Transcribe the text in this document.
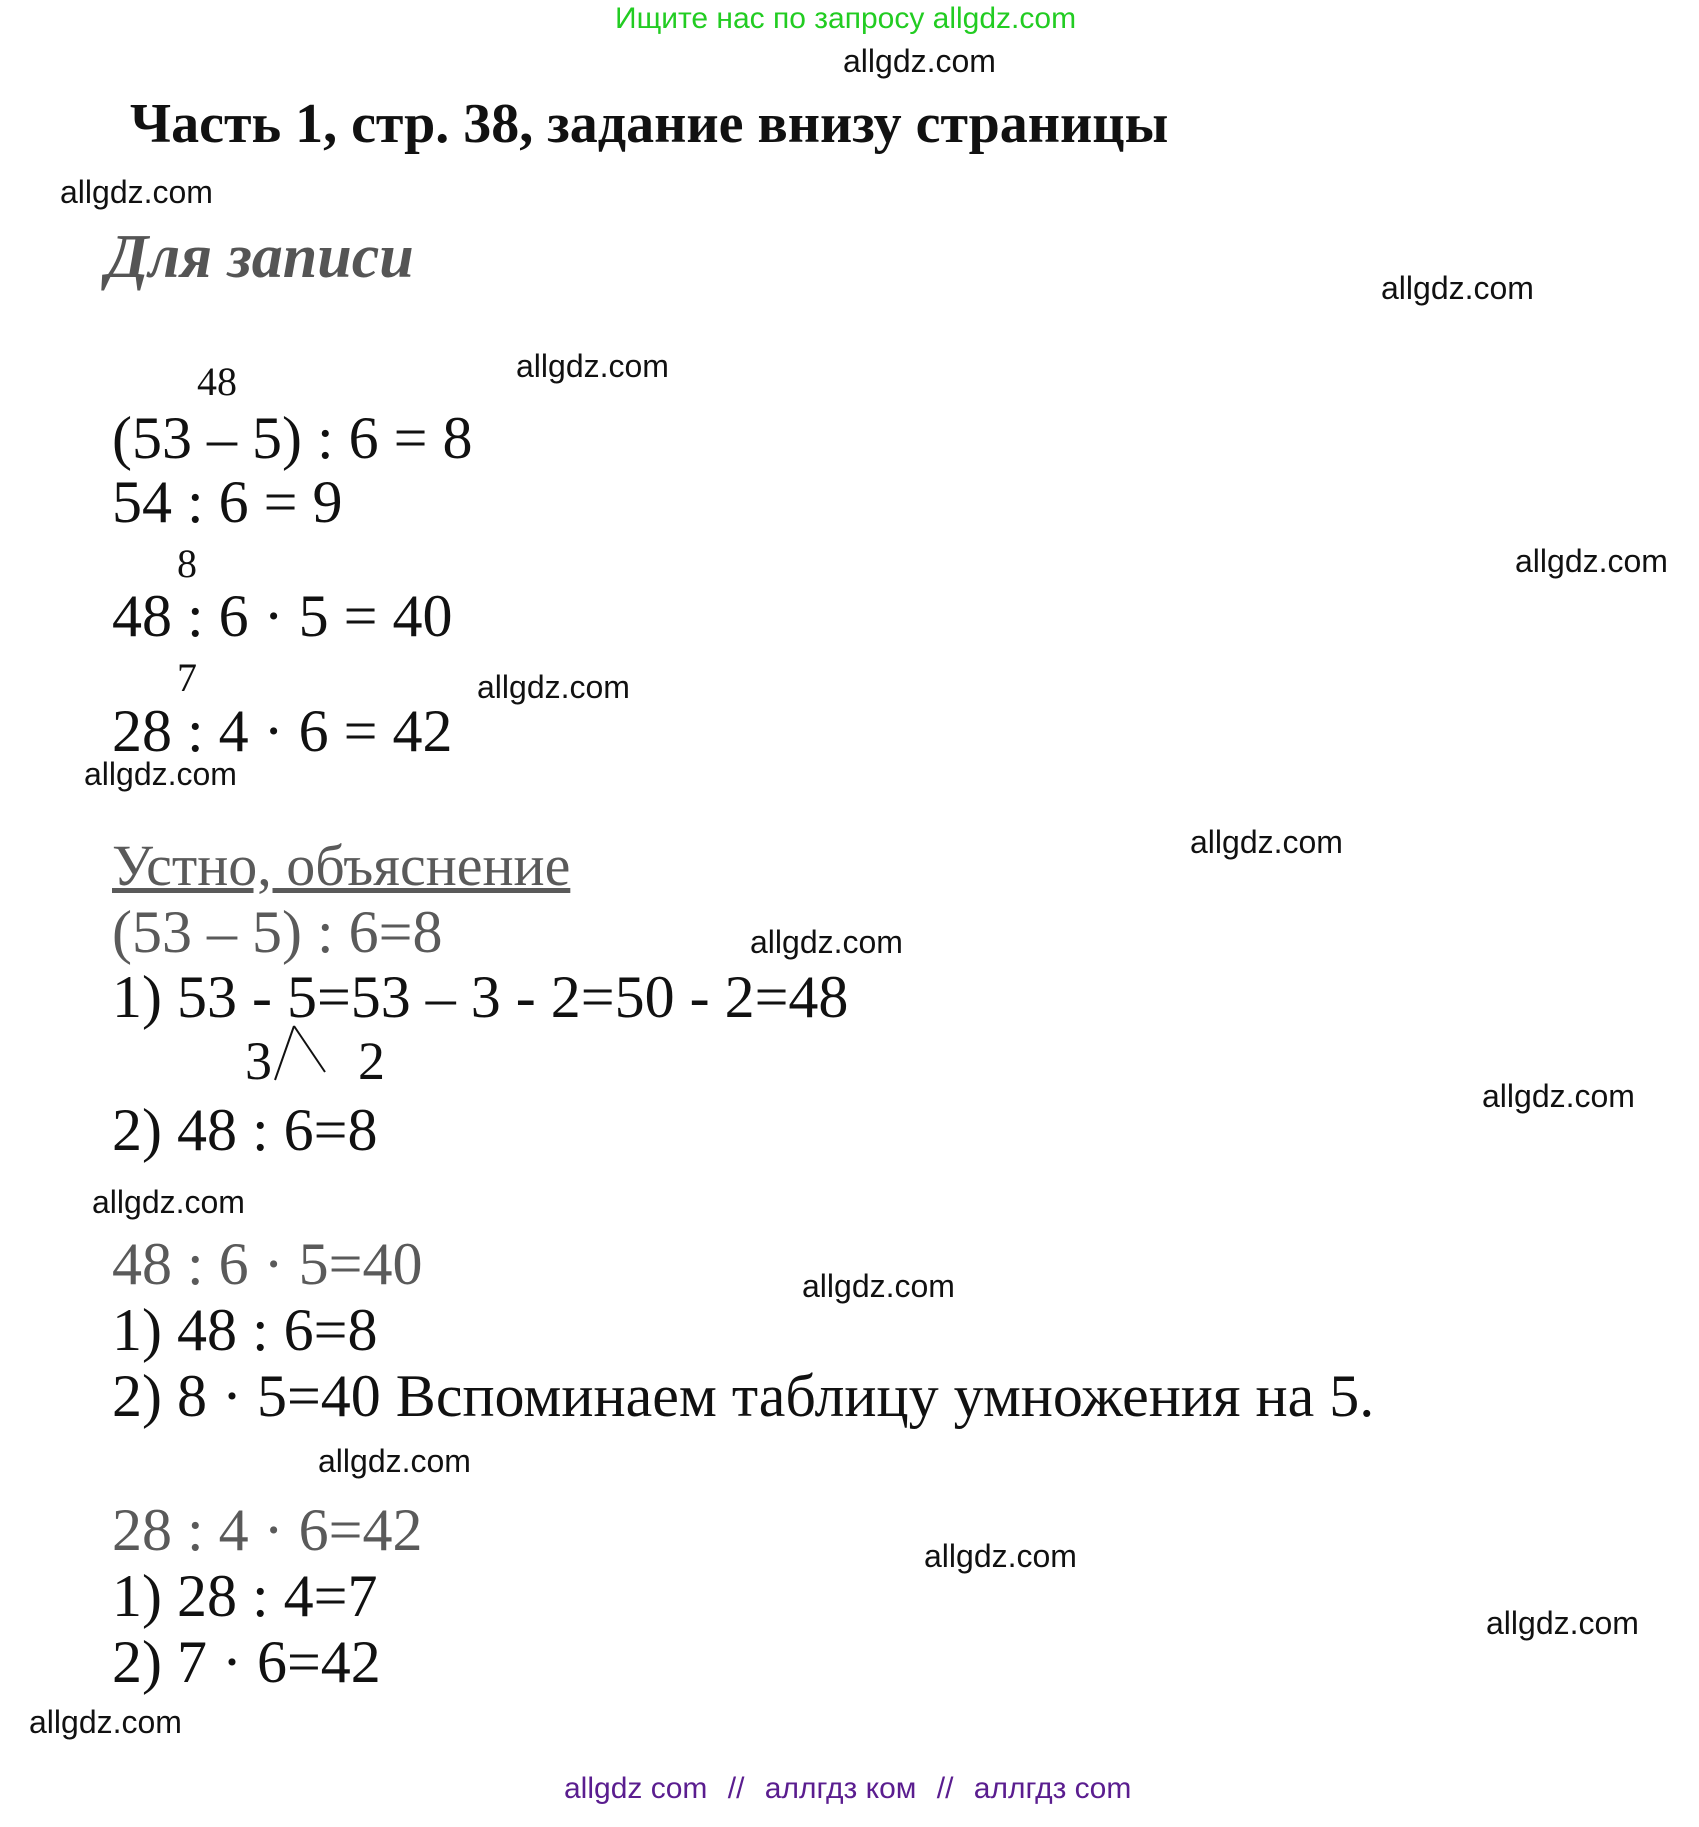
Ищите нас по запросу allgdz.com
allgdz.com
Часть 1, стр. 38, задание внизу страницы
Для записи
48
(53 – 5) : 6 = 8
54 : 6 = 9
8
48 : 6 · 5 = 40
7
28 : 4 · 6 = 42
Устно, объяснение
(53 – 5) : 6=8
1) 53 - 5=53 – 3 - 2=50 - 2=48
3 2
2) 48 : 6=8
48 : 6 · 5=40
1) 48 : 6=8
2) 8 · 5=40 Вспоминаем таблицу умножения на 5.
28 : 4 · 6=42
1) 28 : 4=7
2) 7 · 6=42
allgdz.com
allgdz.com
allgdz.com
allgdz.com
allgdz.com
allgdz.com
allgdz.com
allgdz.com
allgdz.com
allgdz.com
allgdz.com
allgdz.com
allgdz.com
allgdz.com
allgdz.com
allgdz com // аллгдз ком // аллгдз com
